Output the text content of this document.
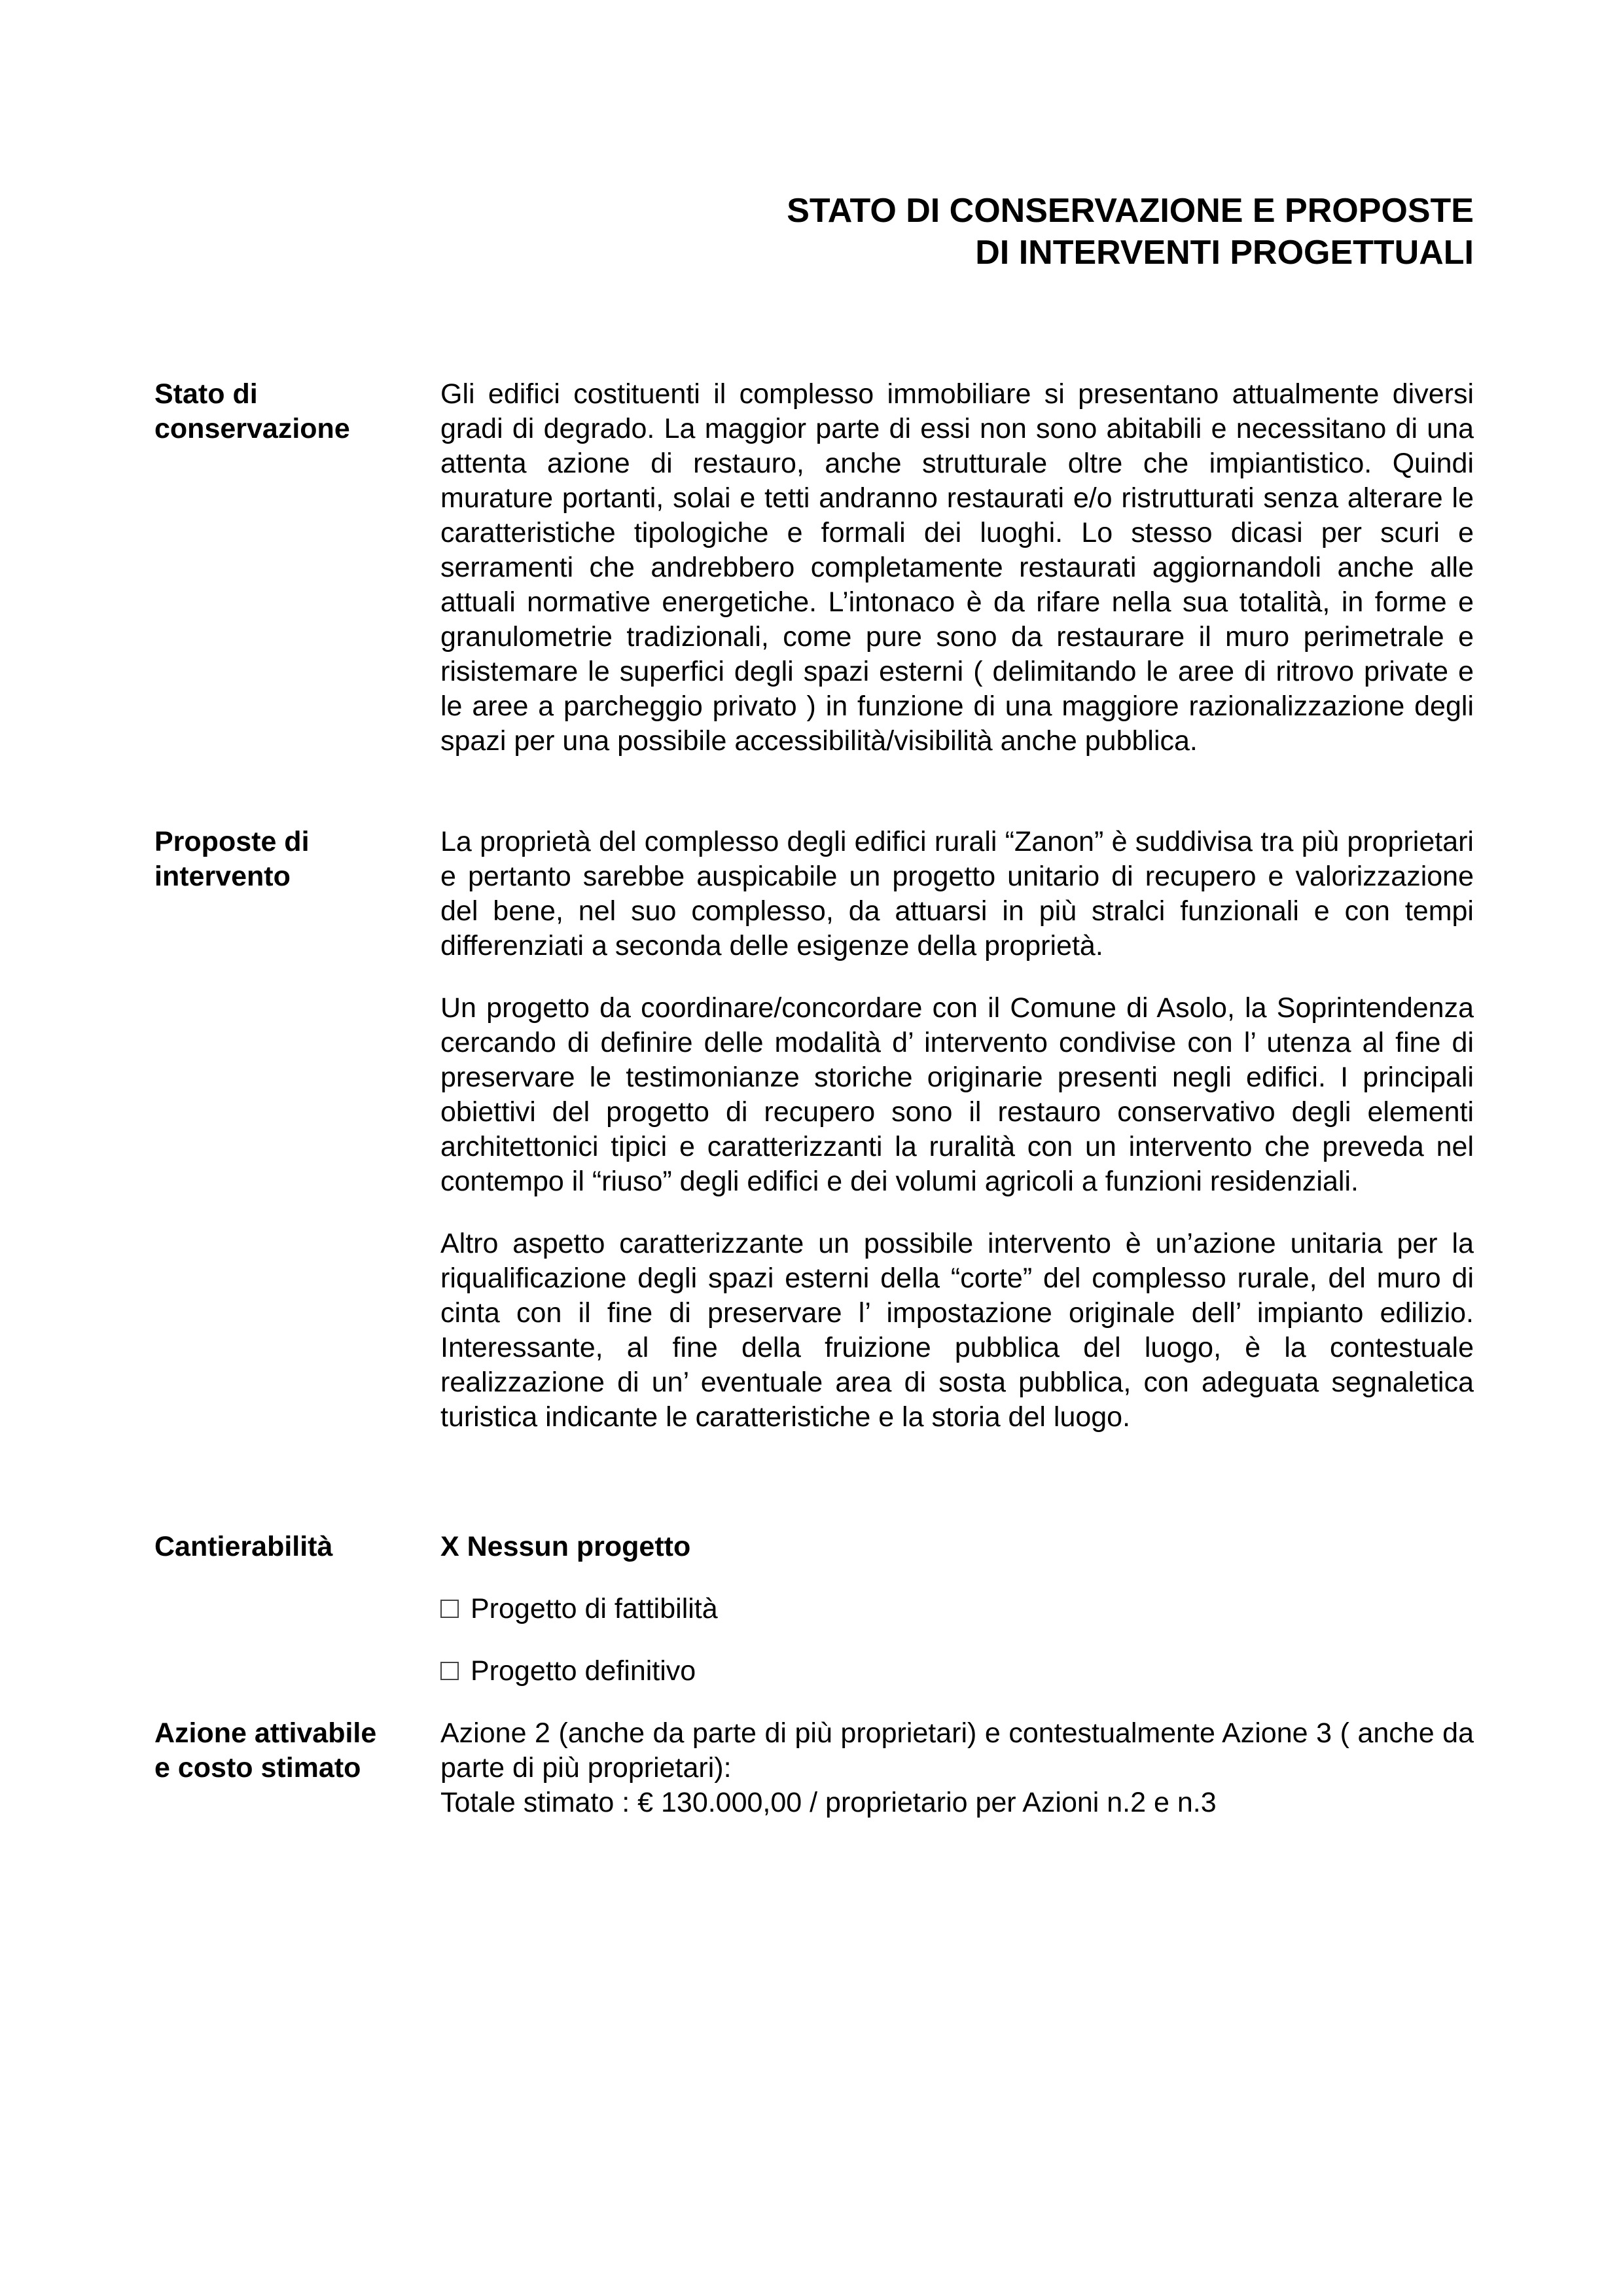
STATO DI CONSERVAZIONE E PROPOSTE
DI INTERVENTI PROGETTUALI
Stato di
conservazione

Gli edifici costituenti il complesso immobiliare si presentano attualmente diversi gradi di degrado. La maggior parte di essi non sono abitabili e necessitano di una attenta azione di restauro, anche strutturale oltre che impiantistico. Quindi murature portanti, solai e tetti andranno restaurati e/o ristrutturati senza alterare le caratteristiche tipologiche e formali dei luoghi. Lo stesso dicasi per scuri e serramenti che andrebbero completamente restaurati aggiornandoli anche alle attuali normative energetiche. L’intonaco è da rifare nella sua totalità, in forme e granulometrie tradizionali, come pure sono da restaurare il muro perimetrale e risistemare le superfici degli spazi esterni ( delimitando le aree di ritrovo private e le aree a parcheggio privato ) in funzione di una maggiore razionalizzazione degli spazi per una possibile accessibilità/visibilità anche pubblica.

Proposte di
intervento

La proprietà del complesso degli edifici rurali “Zanon” è suddivisa tra più proprietari e pertanto sarebbe auspicabile un progetto unitario di recupero e valorizzazione del bene, nel suo complesso, da attuarsi in più stralci funzionali e con tempi differenziati a seconda delle esigenze della proprietà.

Un progetto da coordinare/concordare con il Comune di Asolo, la Soprintendenza cercando di definire delle modalità d’ intervento condivise con l’ utenza al fine di preservare le testimonianze storiche originarie presenti negli edifici. I principali obiettivi del progetto di recupero sono il restauro conservativo degli elementi architettonici tipici e caratterizzanti la ruralità con un intervento che preveda nel contempo il “riuso” degli edifici e dei volumi agricoli a funzioni residenziali.

Altro aspetto caratterizzante un possibile intervento è un’azione unitaria per la riqualificazione degli spazi esterni della “corte” del complesso rurale, del muro di cinta con il fine di preservare l’ impostazione originale dell’ impianto edilizio. Interessante, al fine della fruizione pubblica del luogo, è la contestuale realizzazione di un’ eventuale area di sosta pubblica, con adeguata segnaletica turistica indicante le caratteristiche e la storia del luogo.

Cantierabilità	X Nessun progetto
Progetto di fattibilità
Progetto definitivo
Azione attivabile
e costo stimato
Azione 2 (anche da parte di più proprietari) e contestualmente Azione 3 ( anche da parte di più proprietari):
Totale stimato : € 130.000,00 / proprietario per Azioni n.2 e n.3
